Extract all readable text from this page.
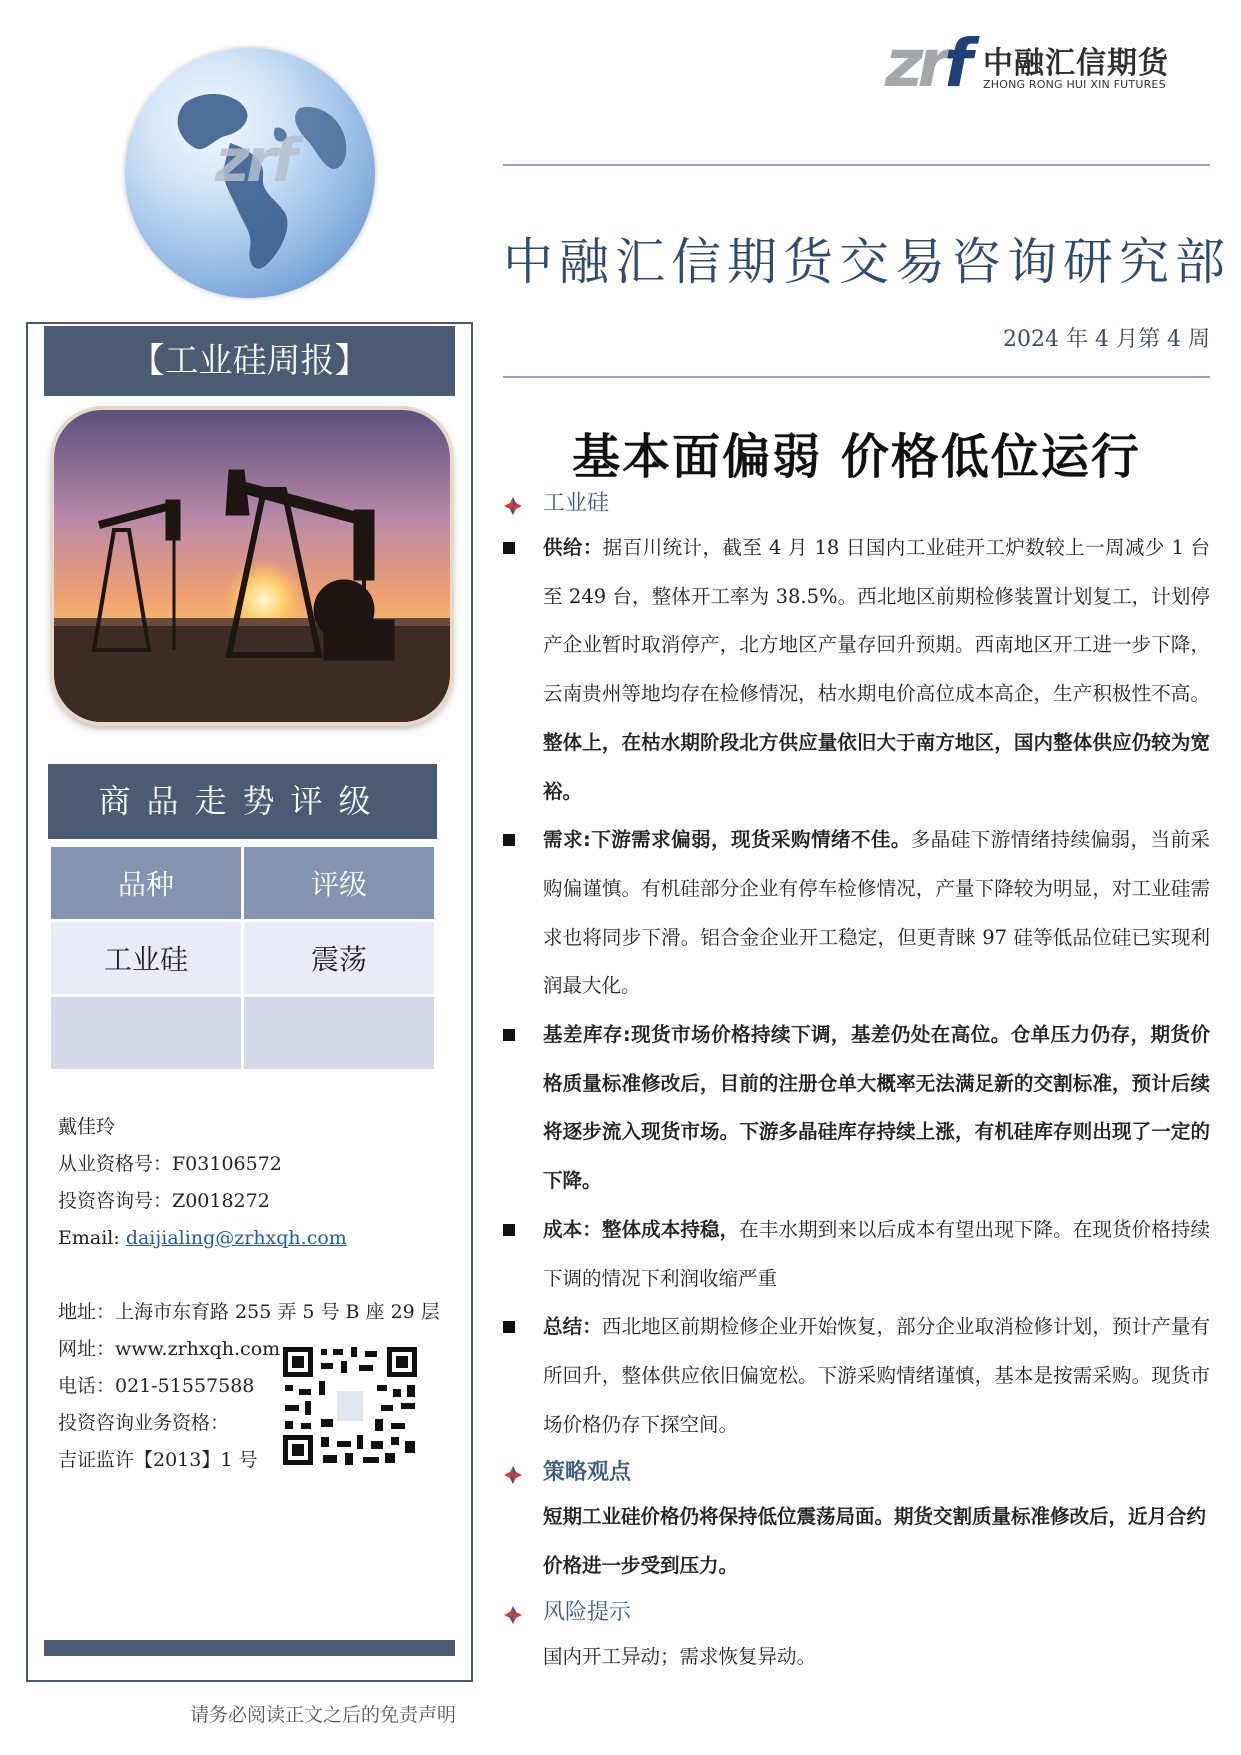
zrf
zrf 中融汇信期货
ZHONG RONG HUI XIN FUTURES
中融汇信期货交易咨询研究部
2024 年 4 月第 4 周
基本面偏弱 价格低位运行
【工业硅周报】
商品走势评级
品种	评级
工业硅	震荡

戴佳玲
从业资格号：F03106572
投资咨询号：Z0018272
Email: daijialing@zrhxqh.com
地址：上海市东育路 255 弄 5 号 B 座 29 层
网址：www.zrhxqh.com
电话：021-51557588
投资咨询业务资格：
吉证监许【2013】1 号
请务必阅读正文之后的免责声明
工业硅
供给：据百川统计，截至 4 月 18 日国内工业硅开工炉数较上一周减少 1 台至 249 台，整体开工率为 38.5%。西北地区前期检修装置计划复工，计划停产企业暂时取消停产，北方地区产量存回升预期。西南地区开工进一步下降，云南贵州等地均存在检修情况，枯水期电价高位成本高企，生产积极性不高。整体上，在枯水期阶段北方供应量依旧大于南方地区，国内整体供应仍较为宽裕。
需求:下游需求偏弱，现货采购情绪不佳。多晶硅下游情绪持续偏弱，当前采购偏谨慎。有机硅部分企业有停车检修情况，产量下降较为明显，对工业硅需求也将同步下滑。铝合金企业开工稳定，但更青睐 97 硅等低品位硅已实现利润最大化。
基差库存:现货市场价格持续下调，基差仍处在高位。仓单压力仍存，期货价格质量标准修改后，目前的注册仓单大概率无法满足新的交割标准，预计后续将逐步流入现货市场。下游多晶硅库存持续上涨，有机硅库存则出现了一定的下降。
成本：整体成本持稳，在丰水期到来以后成本有望出现下降。在现货价格持续下调的情况下利润收缩严重
总结：西北地区前期检修企业开始恢复，部分企业取消检修计划，预计产量有所回升，整体供应依旧偏宽松。下游采购情绪谨慎，基本是按需采购。现货市场价格仍存下探空间。
策略观点
短期工业硅价格仍将保持低位震荡局面。期货交割质量标准修改后，近月合约价格进一步受到压力。
风险提示
国内开工异动；需求恢复异动。
